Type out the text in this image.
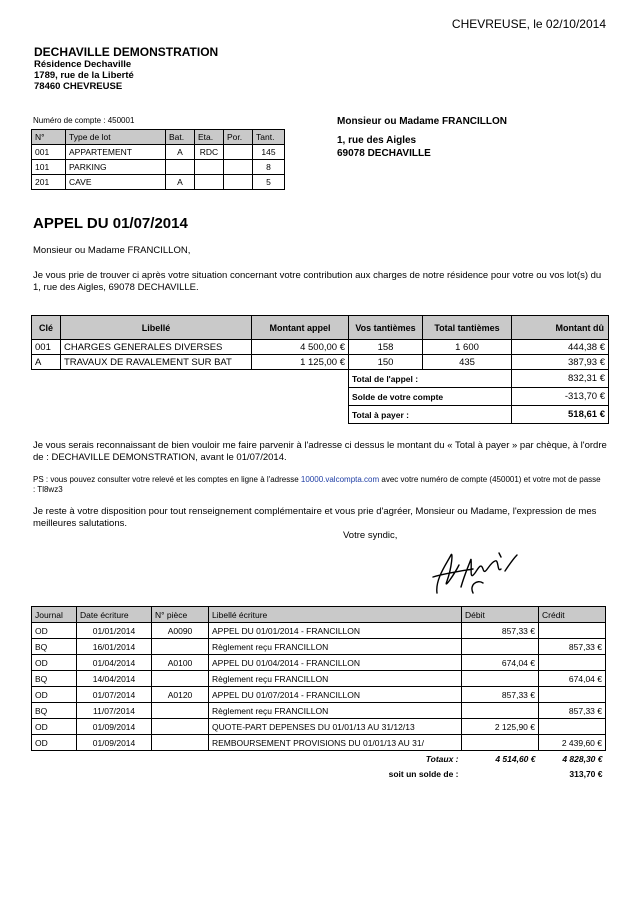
CHEVREUSE, le 02/10/2014
DECHAVILLE DEMONSTRATION
Résidence Dechaville
1789, rue de la Liberté
78460 CHEVREUSE
Monsieur ou Madame FRANCILLON
1, rue des Aigles
69078 DECHAVILLE
Numéro de compte : 450001
N°	Type de lot	Bat.	Eta.	Por.	Tant.
001	APPARTEMENT	A	RDC		145
101	PARKING				8
201	CAVE	A			5
APPEL DU 01/07/2014
Monsieur ou Madame FRANCILLON,
Je vous prie de trouver ci après votre situation concernant votre contribution aux charges de notre résidence pour votre ou vos lot(s) du 1, rue des Aigles, 69078 DECHAVILLE.
Clé	Libellé	Montant appel	Vos tantièmes	Total tantièmes	Montant dû
001	CHARGES GENERALES DIVERSES	4 500,00 €	158	1 600	444,38 €
A	TRAVAUX DE RAVALEMENT SUR BAT	1 125,00 €	150	435	387,93 €
			Total de l'appel :		832,31 €
			Solde de votre compte		-313,70 €
			Total à payer :		518,61 €
Je vous serais reconnaissant de bien vouloir me faire parvenir à l'adresse ci dessus le montant du « Total à payer » par chèque, à l'ordre de : DECHAVILLE DEMONSTRATION, avant le 01/07/2014.
PS : vous pouvez consulter votre relevé et les comptes en ligne à l'adresse 10000.valcompta.com avec votre numéro de compte (450001) et votre mot de passe : Tl8wz3
Je reste à votre disposition pour tout renseignement complémentaire et vous prie d'agréer, Monsieur ou Madame, l'expression de mes meilleures salutations.
Votre syndic,
Journal	Date écriture	N° pièce	Libellé écriture	Débit	Crédit
OD	01/01/2014	A0090	APPEL DU 01/01/2014 - FRANCILLON	857,33 €	
BQ	16/01/2014		Règlement reçu FRANCILLON		857,33 €
OD	01/04/2014	A0100	APPEL DU 01/04/2014 - FRANCILLON	674,04 €	
BQ	14/04/2014		Règlement reçu FRANCILLON		674,04 €
OD	01/07/2014	A0120	APPEL DU 01/07/2014 - FRANCILLON	857,33 €	
BQ	11/07/2014		Règlement reçu FRANCILLON		857,33 €
OD	01/09/2014		QUOTE-PART DEPENSES DU 01/01/13 AU 31/12/13	2 125,90 €	
OD	01/09/2014		REMBOURSEMENT PROVISIONS DU 01/01/13 AU 31/		2 439,60 €
			Totaux :	4 514,60 €	4 828,30 €
			soit un solde de :		313,70 €
